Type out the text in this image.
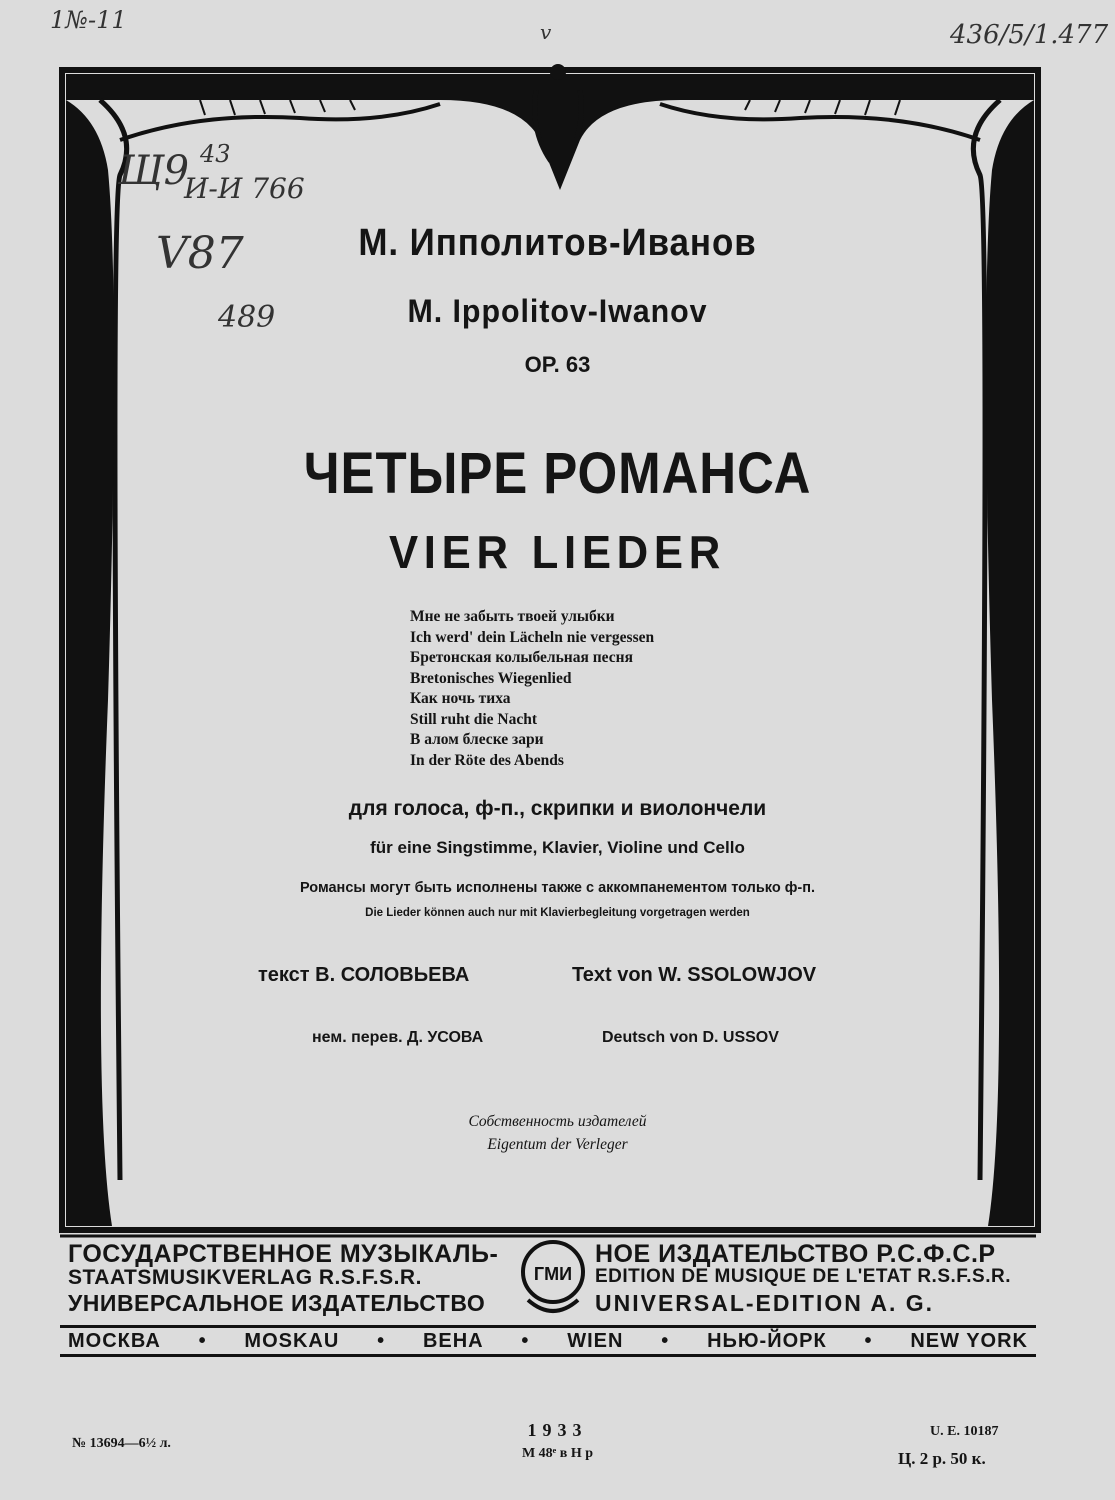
1№-11	v	436/5/1.477
Щ9 43
И-И 766
V87
489
М. Ипполитов-Иванов
M. Ippolitov-Iwanov
OP. 63
ЧЕТЫРЕ РОМАНСА
VIER LIEDER
Мне не забыть твоей улыбки
Ich werd' dein Lächeln nie vergessen
Бретонская колыбельная песня
Bretonisches Wiegenlied
Как ночь тиха
Still ruht die Nacht
В алом блеске зари
In der Röte des Abends
для голоса, ф-п., скрипки и виолончели
für eine Singstimme, Klavier, Violine und Cello
Романсы могут быть исполнены также с аккомпанементом только ф-п.
Die Lieder können auch nur mit Klavierbegleitung vorgetragen werden
текст В. СОЛОВЬЕВА	Text von W. SSOLOWJOV
нем. перев. Д. УСОВА	Deutsch von D. USSOV
Собственность издателей
Eigentum der Verleger
ГОСУДАРСТВЕННОЕ МУЗЫКАЛЬ-	НОЕ ИЗДАТЕЛЬСТВО Р.С.Ф.С.Р
STAATSMUSIKVERLAG R.S.F.S.R.	EDITION DE MUSIQUE DE L'ETAT R.S.F.S.R.
УНИВЕРСАЛЬНОЕ ИЗДАТЕЛЬСТВО	UNIVERSAL-EDITION A. G.
ГМИ
МОСКВА • MOSKAU • ВЕНА • WIEN • НЬЮ-ЙОРК • NEW YORK
№ 13694—6½ л.
1933
М 48ᵉ в Н р
U. E. 10187
Ц. 2 р. 50 к.
